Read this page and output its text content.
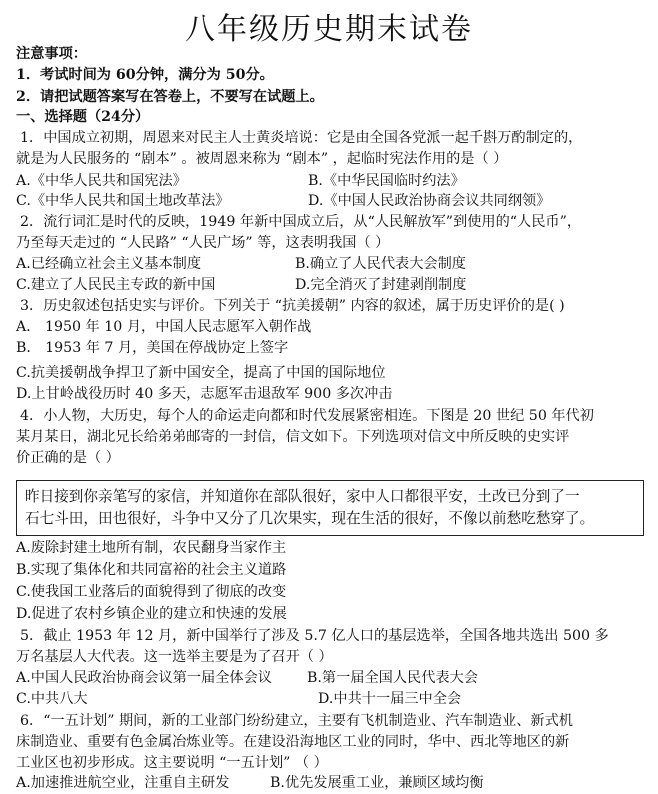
八年级历史期末试卷
注意事项：
1．考试时间为 60分钟，满分为 50分。
2．请把试题答案写在答卷上，不要写在试题上。
一、选择题（24分）
1．中国成立初期，周恩来对民主人士黄炎培说：它是由全国各党派一起千斟万酌制定的，
就是为人民服务的 “剧本” 。被周恩来称为 “剧本” ，起临时宪法作用的是（ ）
A.《中华人民共和国宪法》	B.《中华民国临时约法》
C.《中华人民共和国土地改革法》	D.《中国人民政治协商会议共同纲领》
2．流行词汇是时代的反映，1949 年新中国成立后，从“人民解放军”到使用的“人民币”，
乃至每天走过的 “人民路” “人民广场” 等，这表明我国（ ）
A.已经确立社会主义基本制度	B.确立了人民代表大会制度
C.建立了人民民主专政的新中国	D.完全消灭了封建剥削制度
3．历史叙述包括史实与评价。下列关于 “抗美援朝” 内容的叙述，属于历史评价的是( )
A． 1950 年 10 月，中国人民志愿军入朝作战
B． 1953 年 7 月，美国在停战协定上签字
C.抗美援朝战争捍卫了新中国安全，提高了中国的国际地位
D.上甘岭战役历时 40 多天，志愿军击退敌军 900 多次冲击
4．小人物，大历史，每个人的命运走向都和时代发展紧密相连。下图是 20 世纪 50 年代初
某月某日，湖北兄长给弟弟邮寄的一封信，信文如下。下列选项对信文中所反映的史实评
价正确的是（ ）
昨日接到你亲笔写的家信，并知道你在部队很好，家中人口都很平安，土改已分到了一
石七斗田，田也很好，斗争中又分了几次果实，现在生活的很好，不像以前愁吃愁穿了。
A.废除封建土地所有制，农民翻身当家作主
B.实现了集体化和共同富裕的社会主义道路
C.使我国工业落后的面貌得到了彻底的改变
D.促进了农村乡镇企业的建立和快速的发展
5．截止 1953 年 12 月，新中国举行了涉及 5.7 亿人口的基层选举，全国各地共选出 500 多
万名基层人大代表。这一选举主要是为了召开（ ）
A.中国人民政治协商会议第一届全体会议	B.第一届全国人民代表大会
C.中共八大	D.中共十一届三中全会
6．“一五计划” 期间，新的工业部门纷纷建立，主要有飞机制造业、汽车制造业、新式机
床制造业、重要有色金属冶炼业等。在建设沿海地区工业的同时，华中、西北等地区的新
工业区也初步形成。这主要说明 “一五计划” （ ）
A.加速推进航空业，注重自主研发	B.优先发展重工业，兼顾区域均衡
